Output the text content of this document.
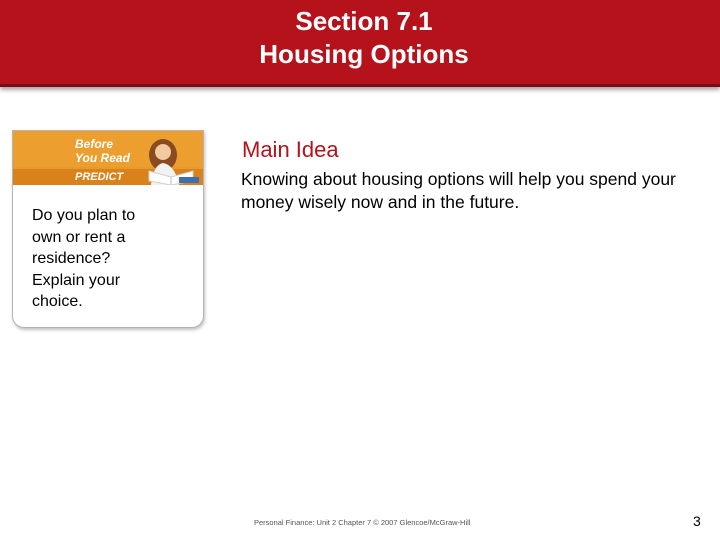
Section 7.1
Housing Options
Before
You Read
PREDICT
Do you plan to own or rent a residence? Explain your choice.
Main Idea
Knowing about housing options will help you spend your money wisely now and in the future.
Personal Finance: Unit 2 Chapter 7 © 2007 Glencoe/McGraw-Hill	3
